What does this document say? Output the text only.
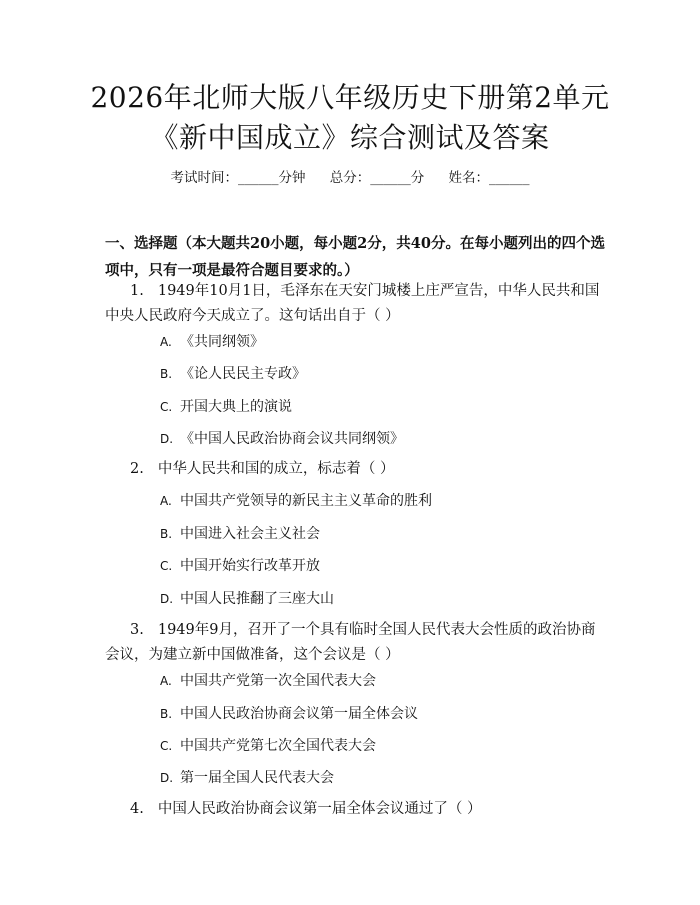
2026年北师大版八年级历史下册第2单元
《新中国成立》综合测试及答案
考试时间：______分钟 总分：______分 姓名：______
一、选择题（本大题共20小题，每小题2分，共40分。在每小题列出的四个选项中，只有一项是最符合题目要求的。）
1. 1949年10月1日，毛泽东在天安门城楼上庄严宣告，中华人民共和国中央人民政府今天成立了。这句话出自于（ ）
A. 《共同纲领》
B. 《论人民民主专政》
C. 开国大典上的演说
D. 《中国人民政治协商会议共同纲领》
2. 中华人民共和国的成立，标志着（ ）
A. 中国共产党领导的新民主主义革命的胜利
B. 中国进入社会主义社会
C. 中国开始实行改革开放
D. 中国人民推翻了三座大山
3. 1949年9月，召开了一个具有临时全国人民代表大会性质的政治协商会议，为建立新中国做准备，这个会议是（ ）
A. 中国共产党第一次全国代表大会
B. 中国人民政治协商会议第一届全体会议
C. 中国共产党第七次全国代表大会
D. 第一届全国人民代表大会
4. 中国人民政治协商会议第一届全体会议通过了（ ）
